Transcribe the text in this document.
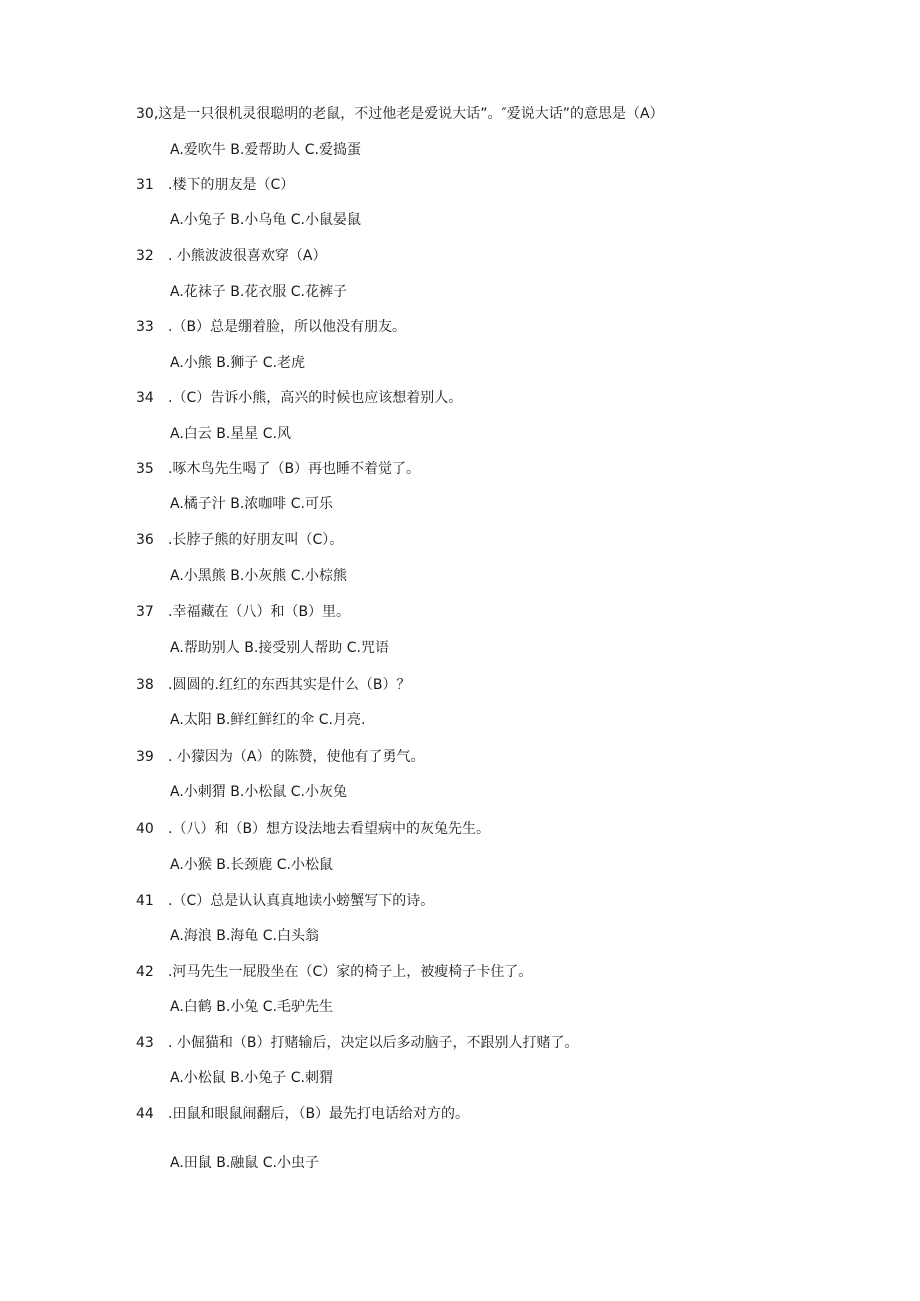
30,这是一只很机灵很聪明的老鼠，不过他老是爱说大话”。″爱说大话”的意思是（A）
A.爱吹牛 B.爱帮助人 C.爱捣蛋
31 .楼下的朋友是（C）
A.小兔子 B.小乌龟 C.小鼠晏鼠
32 . 小熊波波很喜欢穿（A）
A.花袜子 B.花衣服 C.花裤子
33 .（B）总是绷着脸，所以他没有朋友。
A.小熊 B.狮子 C.老虎
34 .（C）告诉小熊，高兴的时候也应该想着别人。
A.白云 B.星星 C.风
35 .啄木鸟先生喝了（B）再也睡不着觉了。
A.橘子汁 B.浓咖啡 C.可乐
36 .长脖子熊的好朋友叫（C）。
A.小黑熊 B.小灰熊 C.小棕熊
37 .幸福藏在（八）和（B）里。
A.帮助别人 B.接受别人帮助 C.咒语
38 .圆圆的.红红的东西其实是什么（B）？
A.太阳 B.鲜红鲜红的伞 C.月亮.
39 . 小獴因为（A）的陈赞，使他有了勇气。
A.小刺猬 B.小松鼠 C.小灰兔
40 .（八）和（B）想方设法地去看望病中的灰兔先生。
A.小猴 B.长颈鹿 C.小松鼠
41 .（C）总是认认真真地读小螃蟹写下的诗。
A.海浪 B.海龟 C.白头翁
42 .河马先生一屁股坐在（C）家的椅子上，被瘦椅子卡住了。
A.白鹤 B.小兔 C.毛驴先生
43 . 小倔猫和（B）打赌输后，决定以后多动脑子，不跟别人打赌了。
A.小松鼠 B.小兔子 C.刺猬
44 .田鼠和眼鼠闹翻后，（B）最先打电话给对方的。
A.田鼠 B.融鼠 C.小虫子
